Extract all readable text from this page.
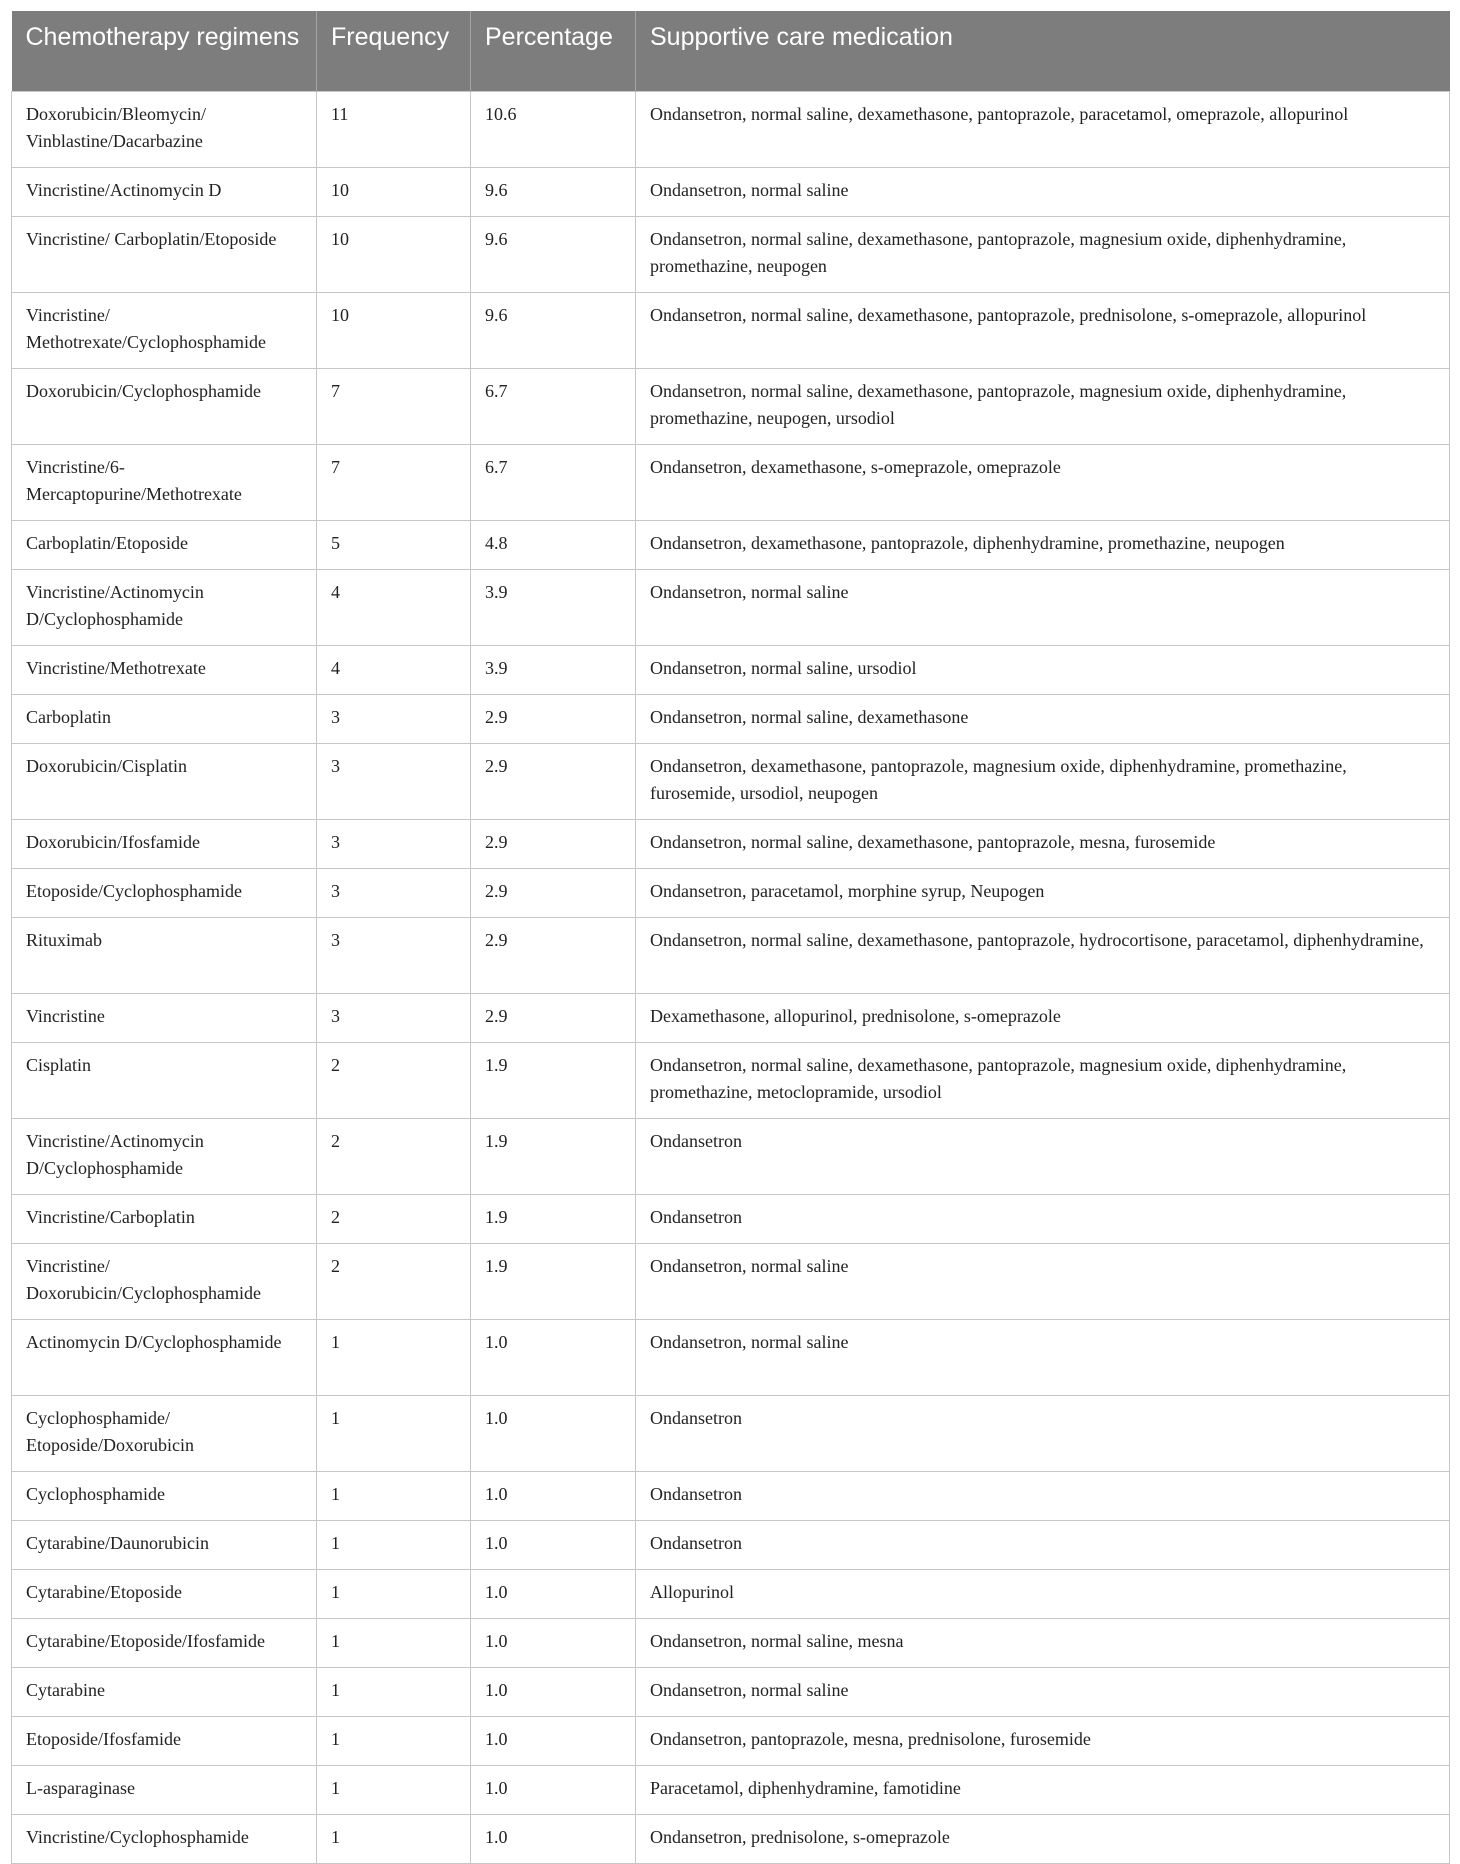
Chemotherapy regimens	Frequency	Percentage	Supportive care medication
Doxorubicin/Bleomycin/ Vinblastine/Dacarbazine	11	10.6	Ondansetron, normal saline, dexamethasone, pantoprazole, paracetamol, omeprazole, allopurinol
Vincristine/Actinomycin D	10	9.6	Ondansetron, normal saline
Vincristine/ Carboplatin/Etoposide	10	9.6	Ondansetron, normal saline, dexamethasone, pantoprazole, magnesium oxide, diphenhydramine, promethazine, neupogen
Vincristine/ Methotrexate/Cyclophosphamide	10	9.6	Ondansetron, normal saline, dexamethasone, pantoprazole, prednisolone, s-omeprazole, allopurinol
Doxorubicin/Cyclophosphamide	7	6.7	Ondansetron, normal saline, dexamethasone, pantoprazole, magnesium oxide, diphenhydramine, promethazine, neupogen, ursodiol
Vincristine/6-Mercaptopurine/Methotrexate	7	6.7	Ondansetron, dexamethasone, s-omeprazole, omeprazole
Carboplatin/Etoposide	5	4.8	Ondansetron, dexamethasone, pantoprazole, diphenhydramine, promethazine, neupogen
Vincristine/Actinomycin D/Cyclophosphamide	4	3.9	Ondansetron, normal saline
Vincristine/Methotrexate	4	3.9	Ondansetron, normal saline, ursodiol
Carboplatin	3	2.9	Ondansetron, normal saline, dexamethasone
Doxorubicin/Cisplatin	3	2.9	Ondansetron, dexamethasone, pantoprazole, magnesium oxide, diphenhydramine, promethazine, furosemide, ursodiol, neupogen
Doxorubicin/Ifosfamide	3	2.9	Ondansetron, normal saline, dexamethasone, pantoprazole, mesna, furosemide
Etoposide/Cyclophosphamide	3	2.9	Ondansetron, paracetamol, morphine syrup, Neupogen
Rituximab	3	2.9	Ondansetron, normal saline, dexamethasone, pantoprazole, hydrocortisone, paracetamol, diphenhydramine,
Vincristine	3	2.9	Dexamethasone, allopurinol, prednisolone, s-omeprazole
Cisplatin	2	1.9	Ondansetron, normal saline, dexamethasone, pantoprazole, magnesium oxide, diphenhydramine, promethazine, metoclopramide, ursodiol
Vincristine/Actinomycin D/Cyclophosphamide	2	1.9	Ondansetron
Vincristine/Carboplatin	2	1.9	Ondansetron
Vincristine/ Doxorubicin/Cyclophosphamide	2	1.9	Ondansetron, normal saline
Actinomycin D/Cyclophosphamide	1	1.0	Ondansetron, normal saline
Cyclophosphamide/ Etoposide/Doxorubicin	1	1.0	Ondansetron
Cyclophosphamide	1	1.0	Ondansetron
Cytarabine/Daunorubicin	1	1.0	Ondansetron
Cytarabine/Etoposide	1	1.0	Allopurinol
Cytarabine/Etoposide/Ifosfamide	1	1.0	Ondansetron, normal saline, mesna
Cytarabine	1	1.0	Ondansetron, normal saline
Etoposide/Ifosfamide	1	1.0	Ondansetron, pantoprazole, mesna, prednisolone, furosemide
L-asparaginase	1	1.0	Paracetamol, diphenhydramine, famotidine
Vincristine/Cyclophosphamide	1	1.0	Ondansetron, prednisolone, s-omeprazole
